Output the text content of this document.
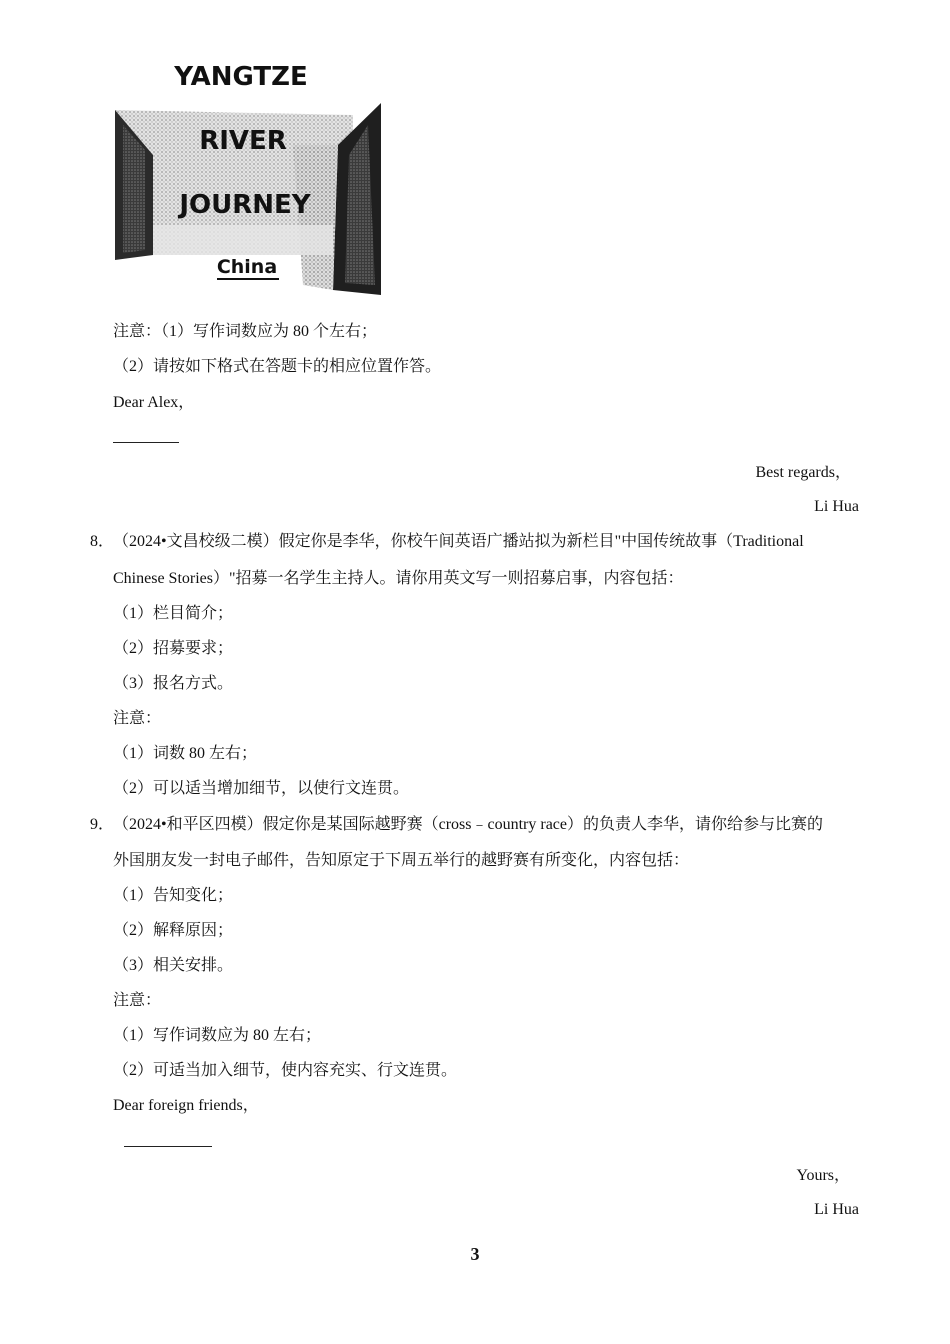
YANGTZE
RIVER
JOURNEY
China
注意：（1）写作词数应为 80 个左右；
（2）请按如下格式在答题卡的相应位置作答。
Dear Alex，
Best regards，
Li Hua
8．
（2024•文昌校级二模）假定你是李华，你校午间英语广播站拟为新栏目"中国传统故事（Traditional
Chinese Stories）"招募一名学生主持人。请你用英文写一则招募启事，内容包括：
（1）栏目简介；
（2）招募要求；
（3）报名方式。
注意：
（1）词数 80 左右；
（2）可以适当增加细节，以使行文连贯。
9．
（2024•和平区四模）假定你是某国际越野赛（cross﹣country race）的负责人李华，请你给参与比赛的
外国朋友发一封电子邮件，告知原定于下周五举行的越野赛有所变化，内容包括：
（1）告知变化；
（2）解释原因；
（3）相关安排。
注意：
（1）写作词数应为 80 左右；
（2）可适当加入细节，使内容充实、行文连贯。
Dear foreign friends，
Yours，
Li Hua
3
